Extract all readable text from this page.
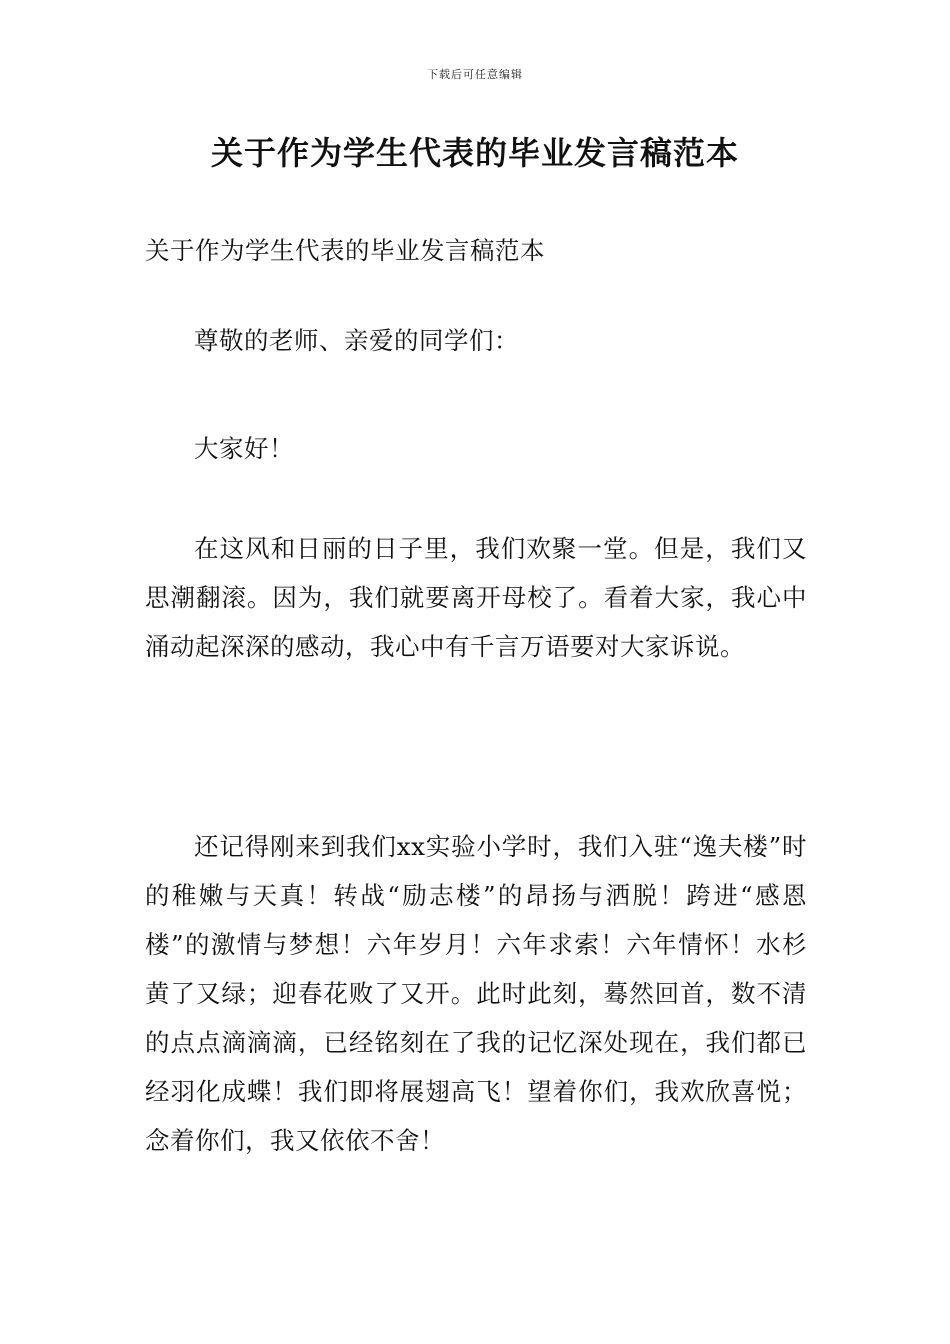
下载后可任意编辑
关于作为学生代表的毕业发言稿范本
关于作为学生代表的毕业发言稿范本
尊敬的老师、亲爱的同学们：
大家好！
在这风和日丽的日子里，我们欢聚一堂。但是，我们又思潮翻滚。因为，我们就要离开母校了。看着大家，我心中涌动起深深的感动，我心中有千言万语要对大家诉说。
还记得刚来到我们xx实验小学时，我们入驻“逸夫楼”时的稚嫩与天真！转战“励志楼”的昂扬与洒脱！跨进“感恩楼”的激情与梦想！六年岁月！六年求索！六年情怀！水杉黄了又绿；迎春花败了又开。此时此刻，蓦然回首，数不清的点点滴滴滴，已经铭刻在了我的记忆深处现在，我们都已经羽化成蝶！我们即将展翅高飞！望着你们，我欢欣喜悦；念着你们，我又依依不舍！
